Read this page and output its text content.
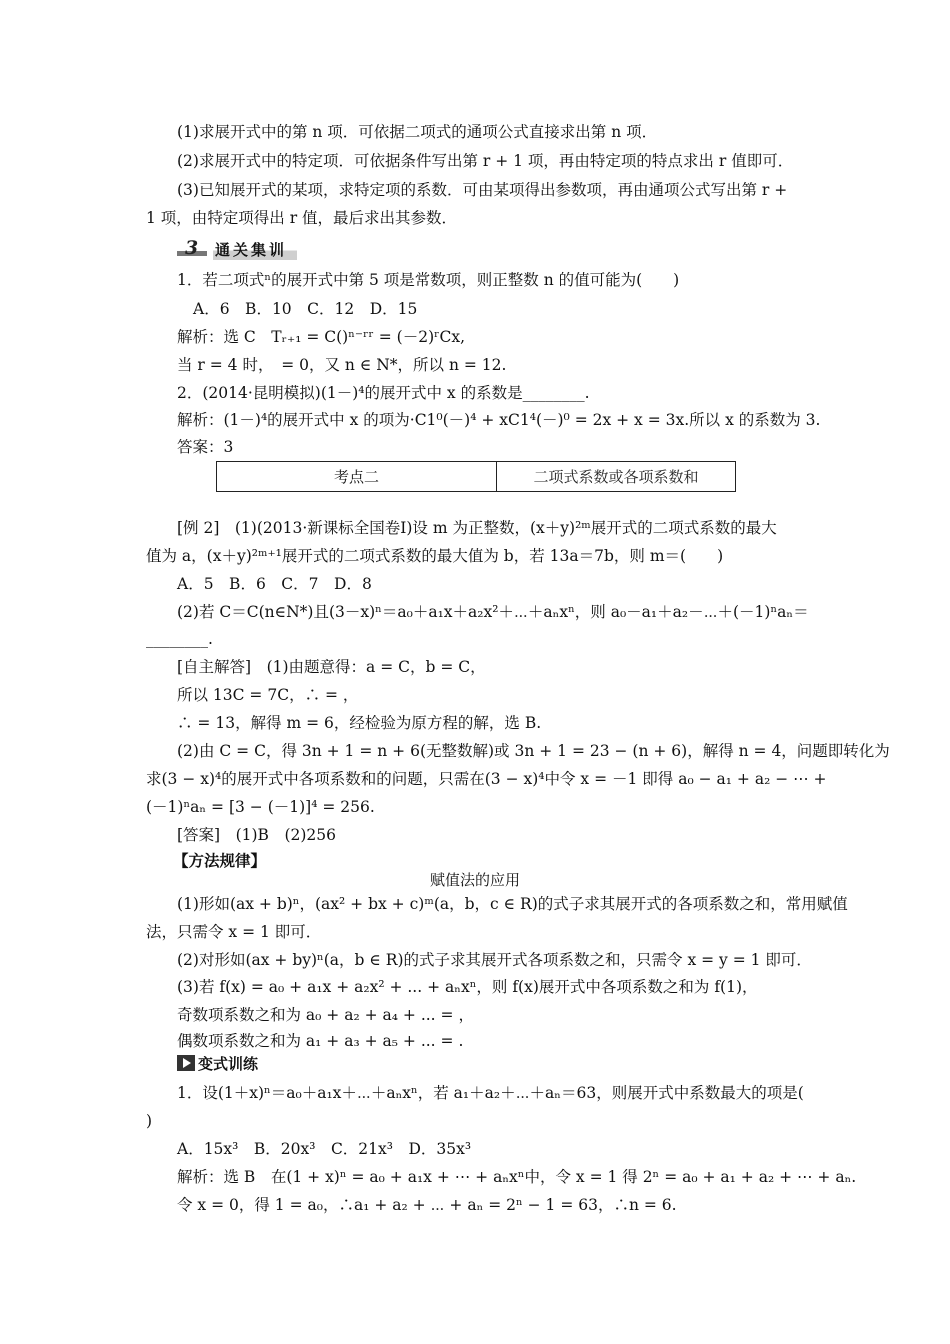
(1)求展开式中的第 n 项．可依据二项式的通项公式直接求出第 n 项．
(2)求展开式中的特定项．可依据条件写出第 r + 1 项，再由特定项的特点求出 r 值即可．
(3)已知展开式的某项，求特定项的系数．可由某项得出参数项，再由通项公式写出第 r +
1 项，由特定项得出 r 值，最后求出其参数．
3 通关集训
1．若二项式ⁿ的展开式中第 5 项是常数项，则正整数 n 的值可能为(　　)
A．6　B．10　C．12　D．15
解析：选 C　Tᵣ₊₁ = C()ⁿ⁻ʳʳ = (－2)ʳCx,
当 r = 4 时，　= 0，又 n ∈ N*，所以 n = 12.
2．(2014·昆明模拟)(1－)⁴的展开式中 x 的系数是________.
解析：(1－)⁴的展开式中 x 的项为·C1⁰(－)⁴ + xC1⁴(－)⁰ = 2x + x = 3x.所以 x 的系数为 3.
答案：3
考点二	二项式系数或各项系数和
[例 2]　(1)(2013·新课标全国卷Ⅰ)设 m 为正整数，(x＋y)²ᵐ展开式的二项式系数的最大
值为 a，(x＋y)²ᵐ⁺¹展开式的二项式系数的最大值为 b，若 13a＝7b，则 m＝(　　)
A．5　B．6　C．7　D．8
(2)若 C＝C(n∈N*)且(3－x)ⁿ＝a₀＋a₁x＋a₂x²＋⋯＋aₙxⁿ，则 a₀－a₁＋a₂－⋯＋(－1)ⁿaₙ＝
________.
[自主解答]　(1)由题意得：a = C，b = C，
所以 13C = 7C，∴ = ，
∴ = 13，解得 m = 6，经检验为原方程的解，选 B.
(2)由 C = C，得 3n + 1 = n + 6(无整数解)或 3n + 1 = 23 − (n + 6)，解得 n = 4，问题即转化为
求(3 − x)⁴的展开式中各项系数和的问题，只需在(3 − x)⁴中令 x = －1 即得 a₀ − a₁ + a₂ − ⋯ +
(－1)ⁿaₙ = [3 − (－1)]⁴ = 256.
[答案]　(1)B　(2)256
【方法规律】
赋值法的应用
(1)形如(ax + b)ⁿ，(ax² + bx + c)ᵐ(a，b，c ∈ R)的式子求其展开式的各项系数之和，常用赋值
法，只需令 x = 1 即可．
(2)对形如(ax + by)ⁿ(a，b ∈ R)的式子求其展开式各项系数之和，只需令 x = y = 1 即可．
(3)若 f(x) = a₀ + a₁x + a₂x² + ... + aₙxⁿ，则 f(x)展开式中各项系数之和为 f(1)，
奇数项系数之和为 a₀ + a₂ + a₄ + ... = ，
偶数项系数之和为 a₁ + a₃ + a₅ + ... = .
变式训练
1．设(1＋x)ⁿ＝a₀＋a₁x＋⋯＋aₙxⁿ，若 a₁＋a₂＋⋯＋aₙ＝63，则展开式中系数最大的项是(
)
A．15x³　B．20x³　C．21x³　D．35x³
解析：选 B　在(1 + x)ⁿ = a₀ + a₁x + ⋯ + aₙxⁿ中，令 x = 1 得 2ⁿ = a₀ + a₁ + a₂ + ⋯ + aₙ.
令 x = 0，得 1 = a₀，∴a₁ + a₂ + ⋯ + aₙ = 2ⁿ − 1 = 63，∴n = 6.
